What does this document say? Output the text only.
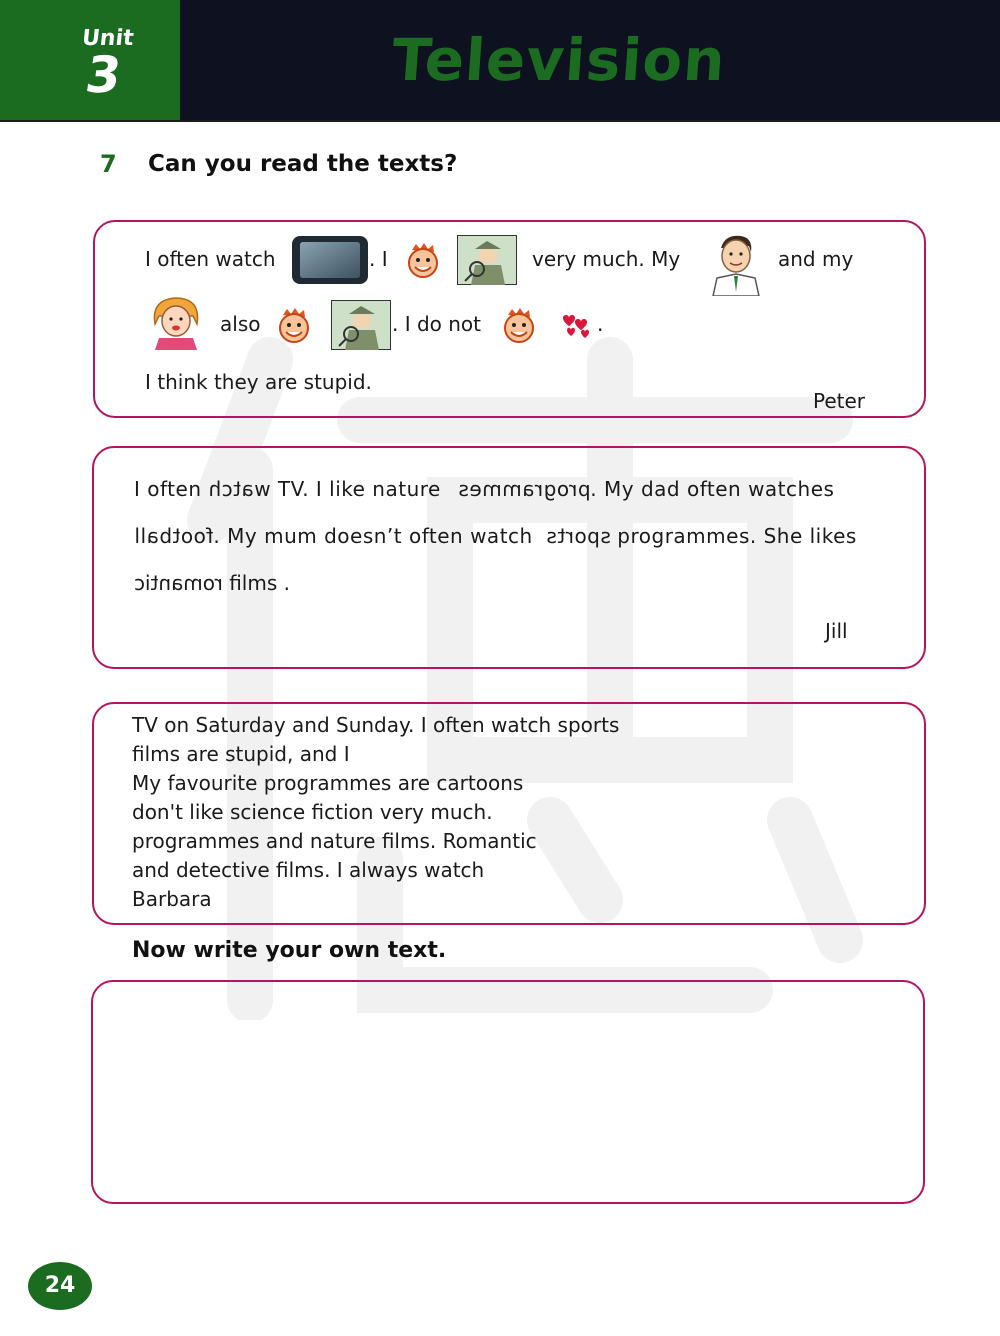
Unit
3	Television
7 Can you read the texts?
I often watch	. I	very much. My	and my
also	. I do not	.
I think they are stupid.
Peter
I often watch TV. I like nature programmes. My dad often watches
football. My mum doesn’t often watch sports programmes. She likes
romantic films .
Jill
TV on Saturday and Sunday. I often watch sports
films are stupid, and I
My favourite programmes are cartoons
don't like science fiction very much.
programmes and nature films. Romantic
and detective films. I always watch
Barbara
Now write your own text.
24
